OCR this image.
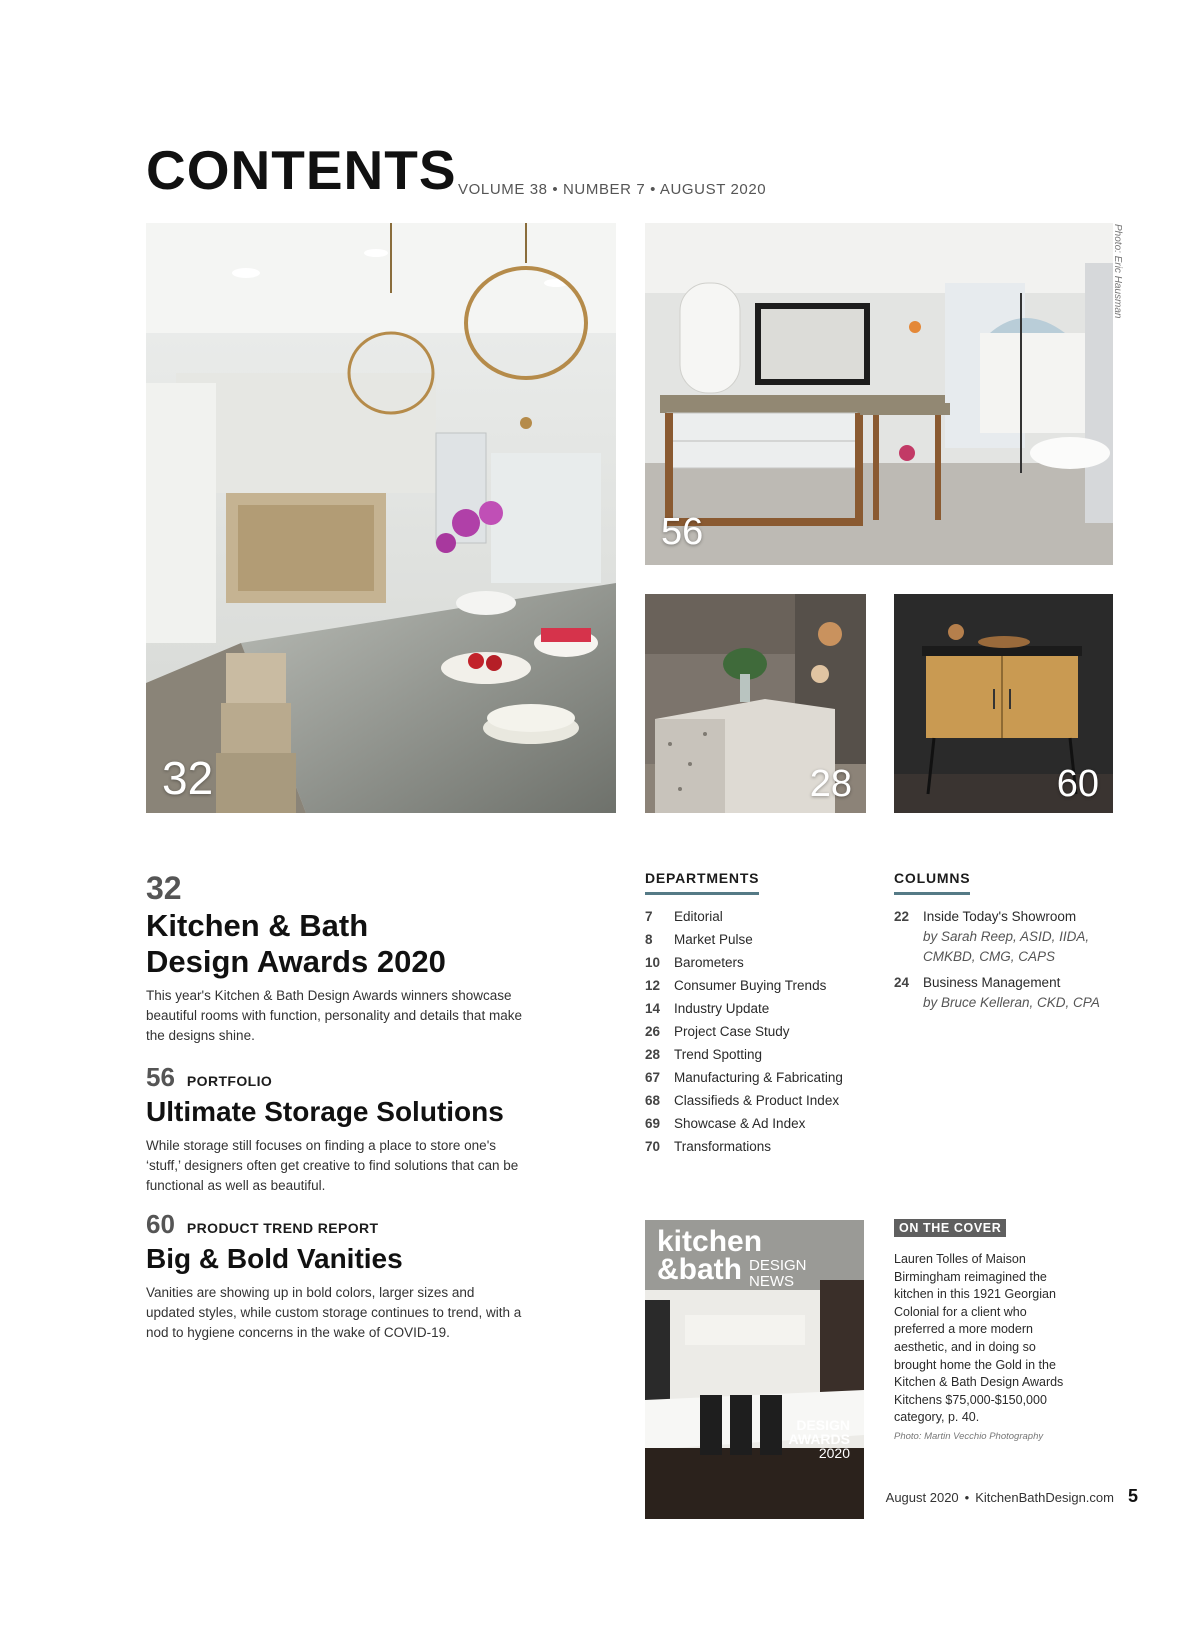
CONTENTS VOLUME 38 • NUMBER 7 • AUGUST 2020
32
56
Photo: Eric Hausman
28	60
32
Kitchen & Bath
Design Awards 2020
This year's Kitchen & Bath Design Awards winners showcase beautiful rooms with function, personality and details that make the designs shine.
56 PORTFOLIO
Ultimate Storage Solutions
While storage still focuses on finding a place to store one's ‘stuff,’ designers often get creative to find solutions that can be functional as well as beautiful.
60 PRODUCT TREND REPORT
Big & Bold Vanities
Vanities are showing up in bold colors, larger sizes and updated styles, while custom storage continues to trend, with a nod to hygiene concerns in the wake of COVID-19.
DEPARTMENTS
7	Editorial
8	Market Pulse
10	Barometers
12	Consumer Buying Trends
14	Industry Update
26	Project Case Study
28	Trend Spotting
67	Manufacturing & Fabricating
68	Classifieds & Product Index
69	Showcase & Ad Index
70	Transformations
COLUMNS
22	Inside Today's Showroom
by Sarah Reep, ASID, IIDA, CMKBD, CMG, CAPS
24	Business Management
by Bruce Kelleran, CKD, CPA
kitchen
&bath DESIGN
NEWS
DESIGN
AWARDS
2020
ON THE COVER
Lauren Tolles of Maison Birmingham reimagined the kitchen in this 1921 Georgian Colonial for a client who preferred a more modern aesthetic, and in doing so brought home the Gold in the Kitchen & Bath Design Awards Kitchens $75,000-$150,000 category, p. 40.
Photo: Martin Vecchio Photography
August 2020 • KitchenBathDesign.com 5
